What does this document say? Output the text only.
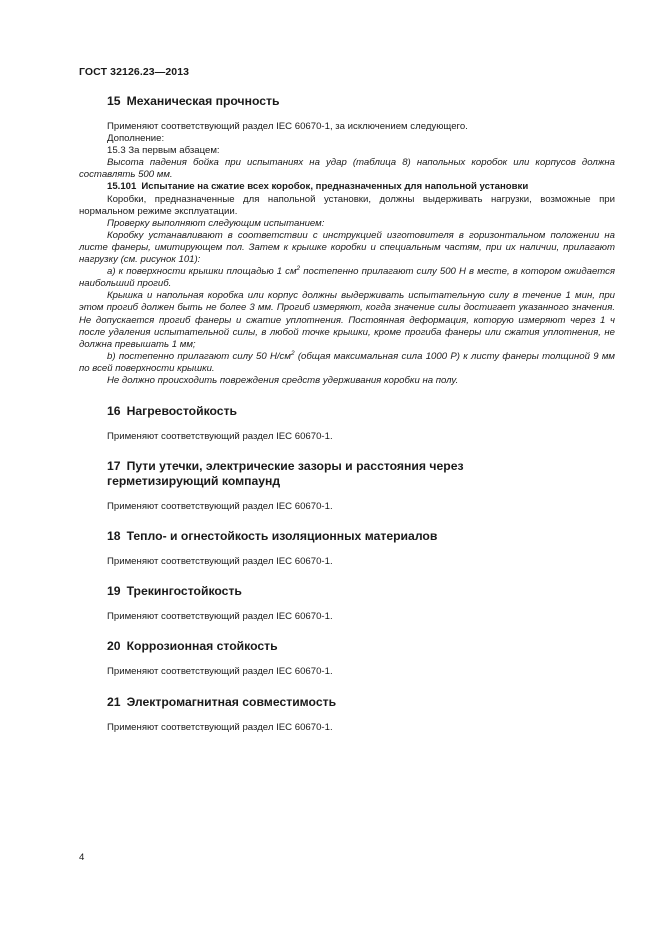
ГОСТ 32126.23—2013
15 Механическая прочность

Применяют соответствующий раздел IEC 60670-1, за исключением следующего.

Дополнение:

15.3 За первым абзацем:

Высота падения бойка при испытаниях на удар (таблица 8) напольных коробок или корпусов должна составлять 500 мм.

15.101 Испытание на сжатие всех коробок, предназначенных для напольной установки

Коробки, предназначенные для напольной установки, должны выдерживать нагрузки, возможные при нормальном режиме эксплуатации.

Проверку выполняют следующим испытанием:

Коробку устанавливают в соответствии с инструкцией изготовителя в горизонтальном положении на листе фанеры, имитирующем пол. Затем к крышке коробки и специальным частям, при их наличии, прилагают нагрузку (см. рисунок 101):

a) к поверхности крышки площадью 1 $см^2$ постепенно прилагают силу 500 Н в месте, в котором ожидается наибольший прогиб.

Крышка и напольная коробка или корпус должны выдерживать испытательную силу в течение 1 мин, при этом прогиб должен быть не более 3 мм. Прогиб измеряют, когда значение силы достигает указанного значения. Не допускается прогиб фанеры и сжатие уплотнения. Постоянная деформация, которую измеряют через 1 ч после удаления испытательной силы, в любой точке крышки, кроме прогиба фанеры или сжатия уплотнения, не должна превышать 1 мм;

b) постепенно прилагают силу 50 $Н/см^2$ (общая максимальная сила 1000 Р) к листу фанеры толщиной 9 мм по всей поверхности крышки.

Не должно происходить повреждения средств удерживания коробки на полу.

16 Нагревостойкость

Применяют соответствующий раздел IEC 60670-1.

17 Пути утечки, электрические зазоры и расстояния через
герметизирующий компаунд

Применяют соответствующий раздел IEC 60670-1.

18 Тепло- и огнестойкость изоляционных материалов

Применяют соответствующий раздел IEC 60670-1.

19 Трекингостойкость

Применяют соответствующий раздел IEC 60670-1.

20 Коррозионная стойкость

Применяют соответствующий раздел IEC 60670-1.

21 Электромагнитная совместимость

Применяют соответствующий раздел IEC 60670-1.

4
